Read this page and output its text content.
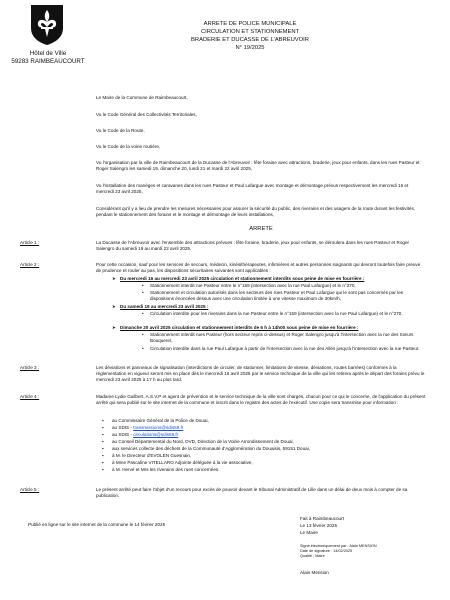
Hôtel de Ville
59283 RAIMBEAUCOURT
ARRETE DE POLICE MUNICIPALE
CIRCULATION ET STATIONNEMENT
BRADERIE ET DUCASSE DE L'ABREUVOIR
N° 19/2025
Le Maire de la Commune de Raimbeaucourt,
Vu le Code Général des Collectivités Territoriales,
Vu le Code de la Route,
Vu le Code de la voirie routière,
Vu l'organisation par la ville de Raimbeaucourt de la Ducasse de l'Abreuvoir : fête foraine avec attractions, braderie, jeux pour enfants, dans les rues Pasteur et Roger Salengro les samedi 19, dimanche 20, lundi 21 et mardi 22 avril 2025,
Vu l'installation des manèges et caravanes dans les rues Pasteur et Paul Lafargue avec montage et démontage prévus respectivement les mercredi 16 et mercredi 23 avril 2025,
Considérant qu'il y a lieu de prendre les mesures nécessaires pour assurer la sécurité du public, des riverains et des usagers de la route durant les festivités, pendant le stationnement des forains et le montage et démontage de leurs installations,
ARRETE
Article 1 :	La Ducasse de l'Abreuvoir avec l'ensemble des attractions prévues : fête foraine, braderie, jeux pour enfants, se déroulera dans les rues Pasteur et Roger Salengro du samedi 19 au mardi 22 avril 2025.
Article 2 :	Pour cette occasion, sauf pour les services de secours, médecin, kinésithérapeutes, infirmières et autres personnes soignants qui devront toutefois faire preuve de prudence et rouler au pas, les dispositions sécuritaires suivantes sont applicables :
➤ Du mercredi 16 au mercredi 23 avril 2025 circulation et stationnement interdits sous peine de mise en fourrière :
• Stationnement interdit rue Pasteur entre le n°159 (intersection avec la rue Paul Lafargue) et le n°270,
• Stationnement et circulation autorisés dans les secteurs des rues Pasteur et Paul Lafargue qui le sont pas concernés par les dispositions énoncées dessus avec une circulation limitée à une vitesse maximum de 30km/h,
➤ Du samedi 19 au mercredi 23 avril 2025 :
• Circulation interdite pour les riverains dans la rue Pasteur entre le n°159 (intersection avec la rue Paul Lafargue) et le n°270,
➤ Dimanche 20 avril 2025 circulation et stationnement interdits de 6 h à 14h00 sous peine de mise en fourrière :
• Stationnement interdit rues Pasteur (hors secteur repris ci-dessus) et Roger Salengro jusqu'à l'intersection avec la rue des Sœurs Bouquerel,
• Circulation interdite dans la rue Paul Lafargue à partir de l'intersection avec la rue des Allés jusqu'à l'intersection avec la rue Pasteur.
Article 3 :	Les déviations et panneaux de signalisation (interdictions de circuler, de stationner, limitations de vitesse, déviations, routes barrées) conformes à la réglementation en vigueur seront mis en place dès le mercredi 16 avril 2025 par le service technique de la ville qui les retirera après le départ des forains prévu le mercredi 23 avril 2025 à 17 h au plus tard.
Article 4 :	Madame Lydie Guilbert, A.S.V.P et agent de prévention et le service technique de la ville sont chargés, chacun pour ce qui le concerne, de l'application du présent arrêté qui sera publié sur le site internet de la commune et inscrit dans le registre des actes de l'exécutif. Une copie sera transmise pour information :
▪ au Commissaire Général de la Police de Douai,
▪ au SDIS - transmissions@sdis59.fr
▪ au SDIS - circulations@sdis59.fr
▪ au Conseil Départemental du Nord, DVD, Direction de la Voirie Arrondissement de Douai,
▪ aux services collecte des déchets de la Communauté d'Agglomération du Douaisis, 59151 Douai,
▪ à M. le Directeur d'EVOLEN Guesnain,
▪ à Mme Pascaline VITELLARO Adjointe déléguée à la vie associative,
▪ à M. Hervé et Mrs les riverains des rues concernées.
Article 5 :	Le présent arrêté peut faire l'objet d'un recours pour excès de pouvoir devant le tribunal Administratif de Lille dans un délai de deux mois à compter de sa publication.
Publié en ligne sur le site internet de la commune le 14 février 2025
Fait à Raimbeaucourt
Le 13 février 2025
Le Maire
Signé électroniquement par : Alain MENSION
Date de signature : 14/02/2025
Qualité : Maire
Alain Mension
